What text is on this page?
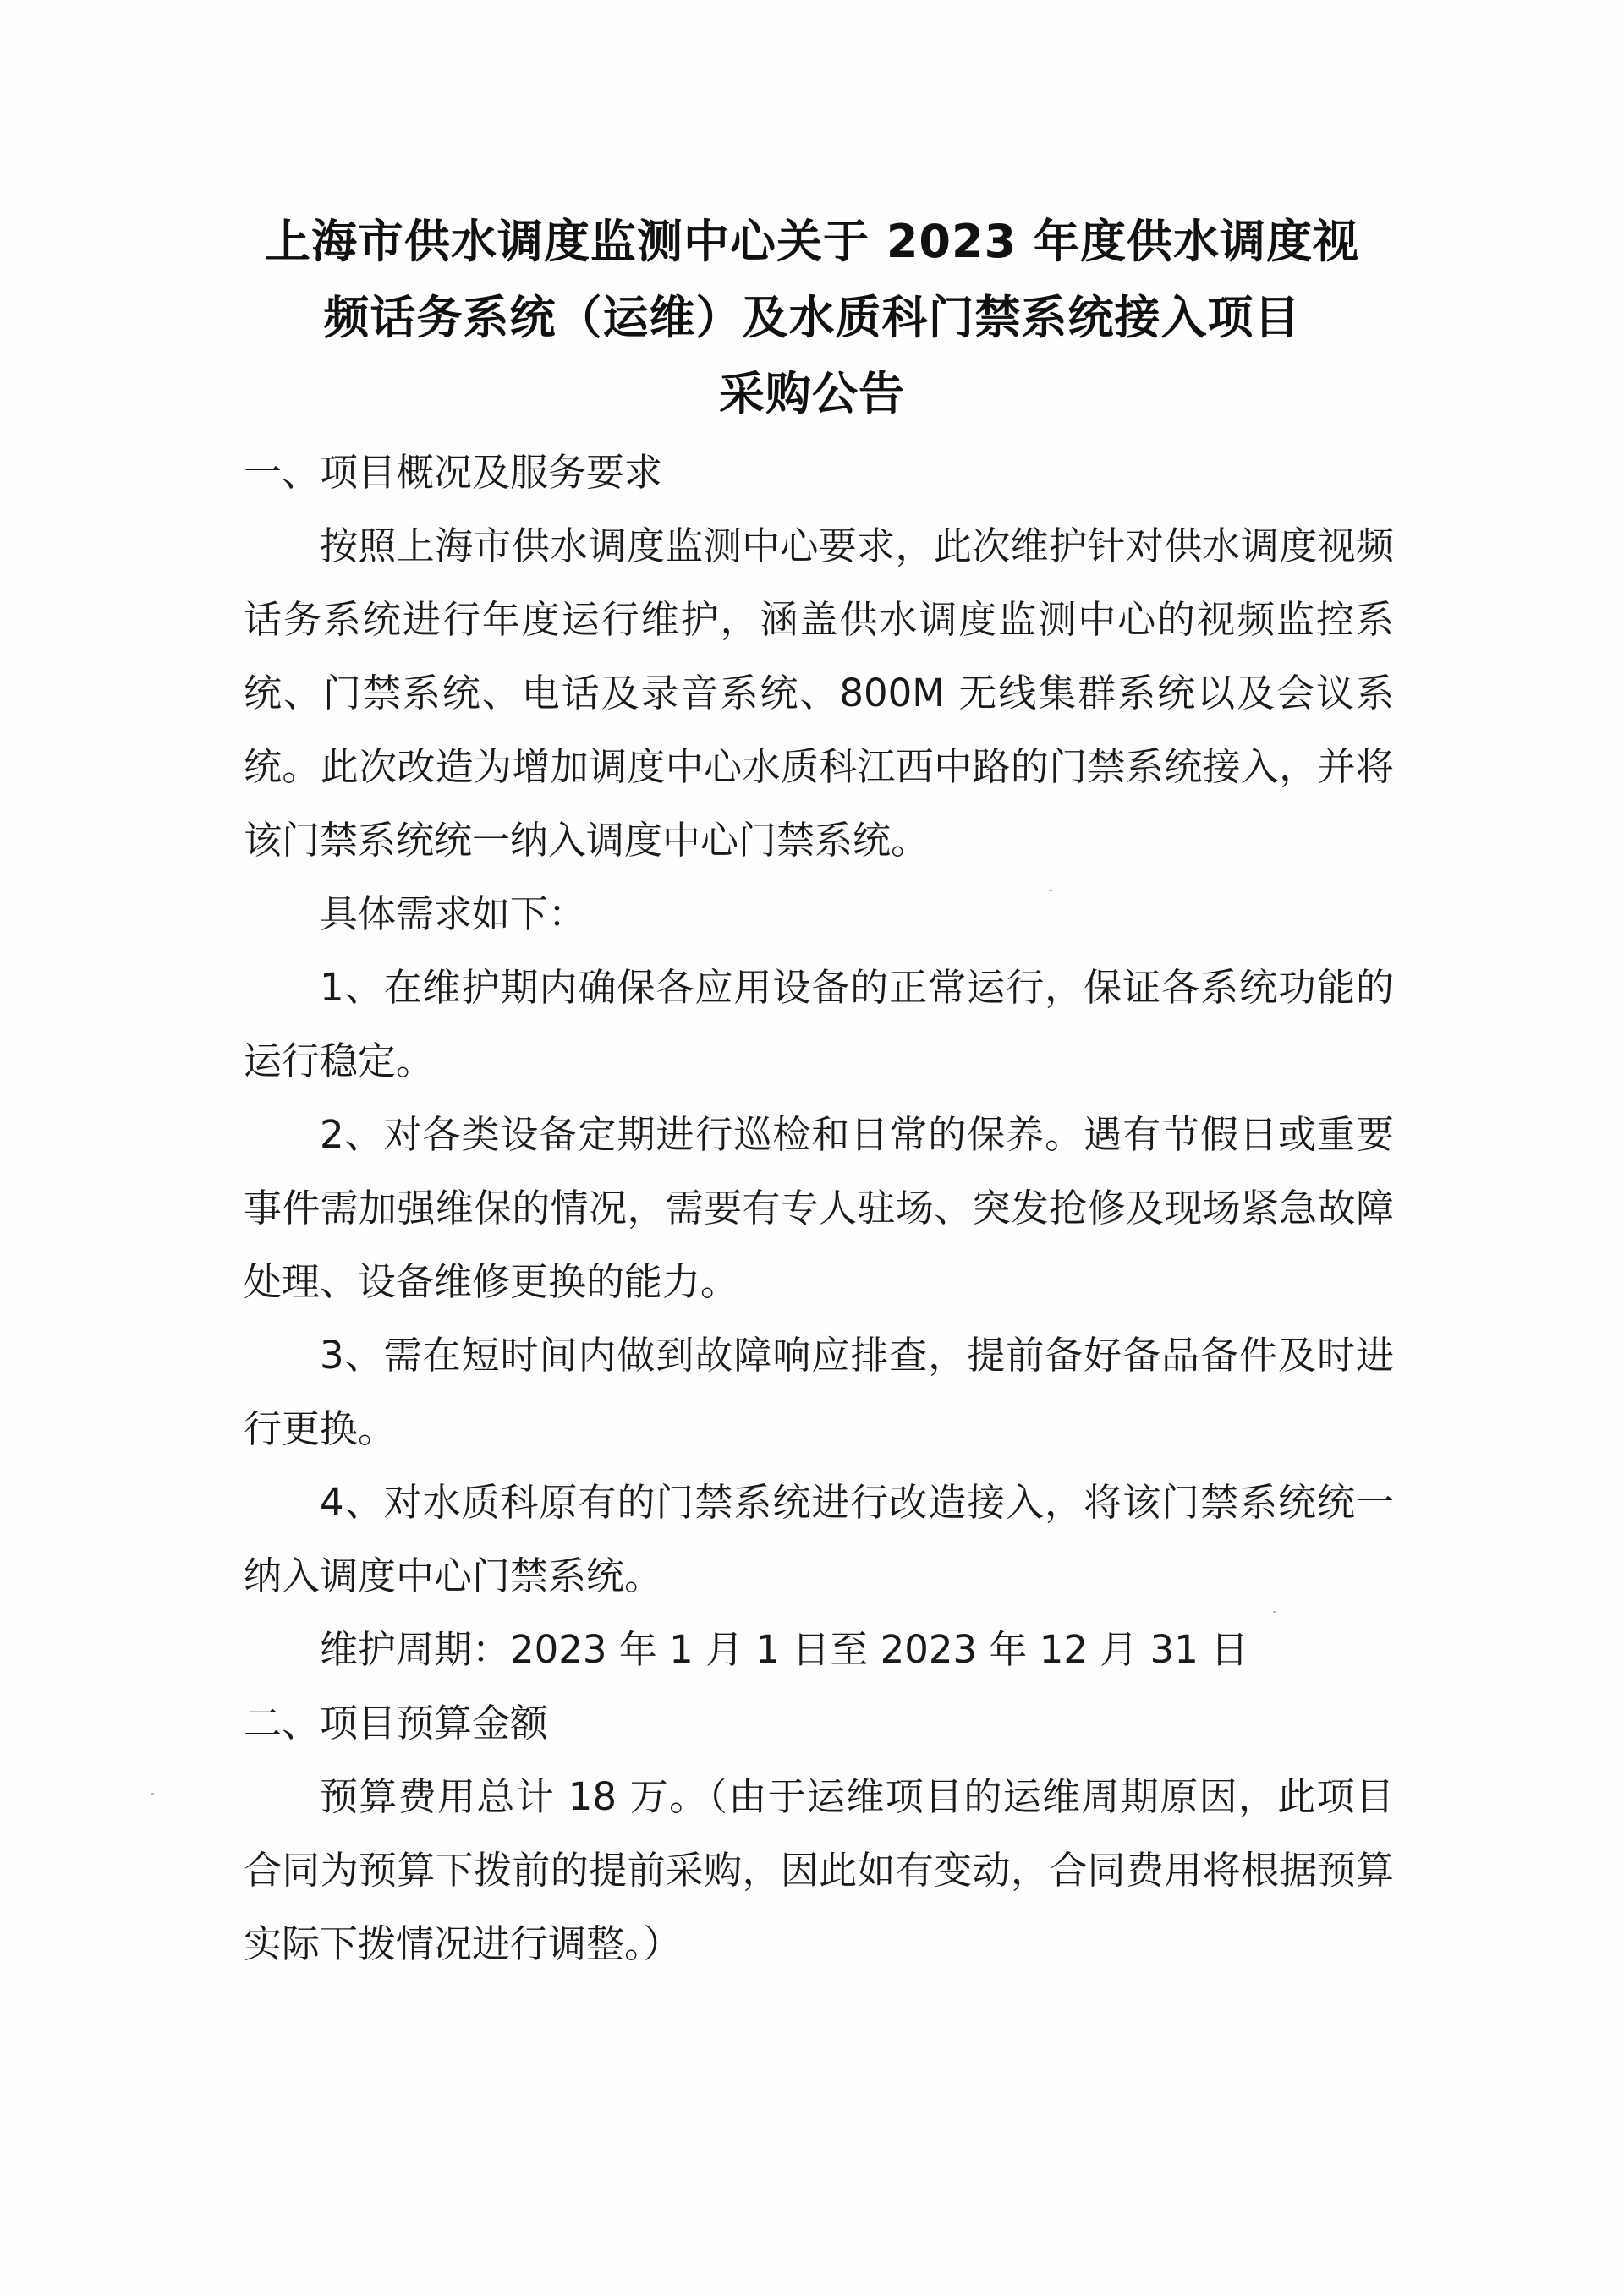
上海市供水调度监测中心关于 2023 年度供水调度视
频话务系统（运维）及水质科门禁系统接入项目
采购公告

一、项目概况及服务要求

按照上海市供水调度监测中心要求，此次维护针对供水调度视频话务系统进行年度运行维护，涵盖供水调度监测中心的视频监控系统、门禁系统、电话及录音系统、800M 无线集群系统以及会议系统。此次改造为增加调度中心水质科江西中路的门禁系统接入，并将该门禁系统统一纳入调度中心门禁系统。

具体需求如下：

1、在维护期内确保各应用设备的正常运行，保证各系统功能的运行稳定。

2、对各类设备定期进行巡检和日常的保养。遇有节假日或重要事件需加强维保的情况，需要有专人驻场、突发抢修及现场紧急故障处理、设备维修更换的能力。

3、需在短时间内做到故障响应排查，提前备好备品备件及时进行更换。

4、对水质科原有的门禁系统进行改造接入，将该门禁系统统一纳入调度中心门禁系统。

维护周期：2023 年 1 月 1 日至 2023 年 12 月 31 日

二、项目预算金额

预算费用总计 18 万。（由于运维项目的运维周期原因，此项目合同为预算下拨前的提前采购，因此如有变动，合同费用将根据预算实际下拨情况进行调整。）
